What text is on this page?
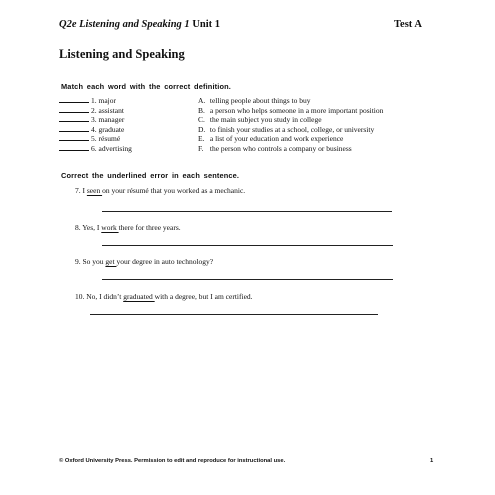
Q2e Listening and Speaking 1 Unit 1	Test A
Listening and Speaking
Match each word with the correct definition.
1. major
2. assistant
3. manager
4. graduate
5. résumé
6. advertising
A. telling people about things to buy
B. a person who helps someone in a more important position
C. the main subject you study in college
D. to finish your studies at a school, college, or university
E. a list of your education and work experience
F. the person who controls a company or business
Correct the underlined error in each sentence.
7. I seen on your résumé that you worked as a mechanic.
8. Yes, I work there for three years.
9. So you get your degree in auto technology?
10. No, I didn’t graduated with a degree, but I am certified.
© Oxford University Press. Permission to edit and reproduce for instructional use.	1
